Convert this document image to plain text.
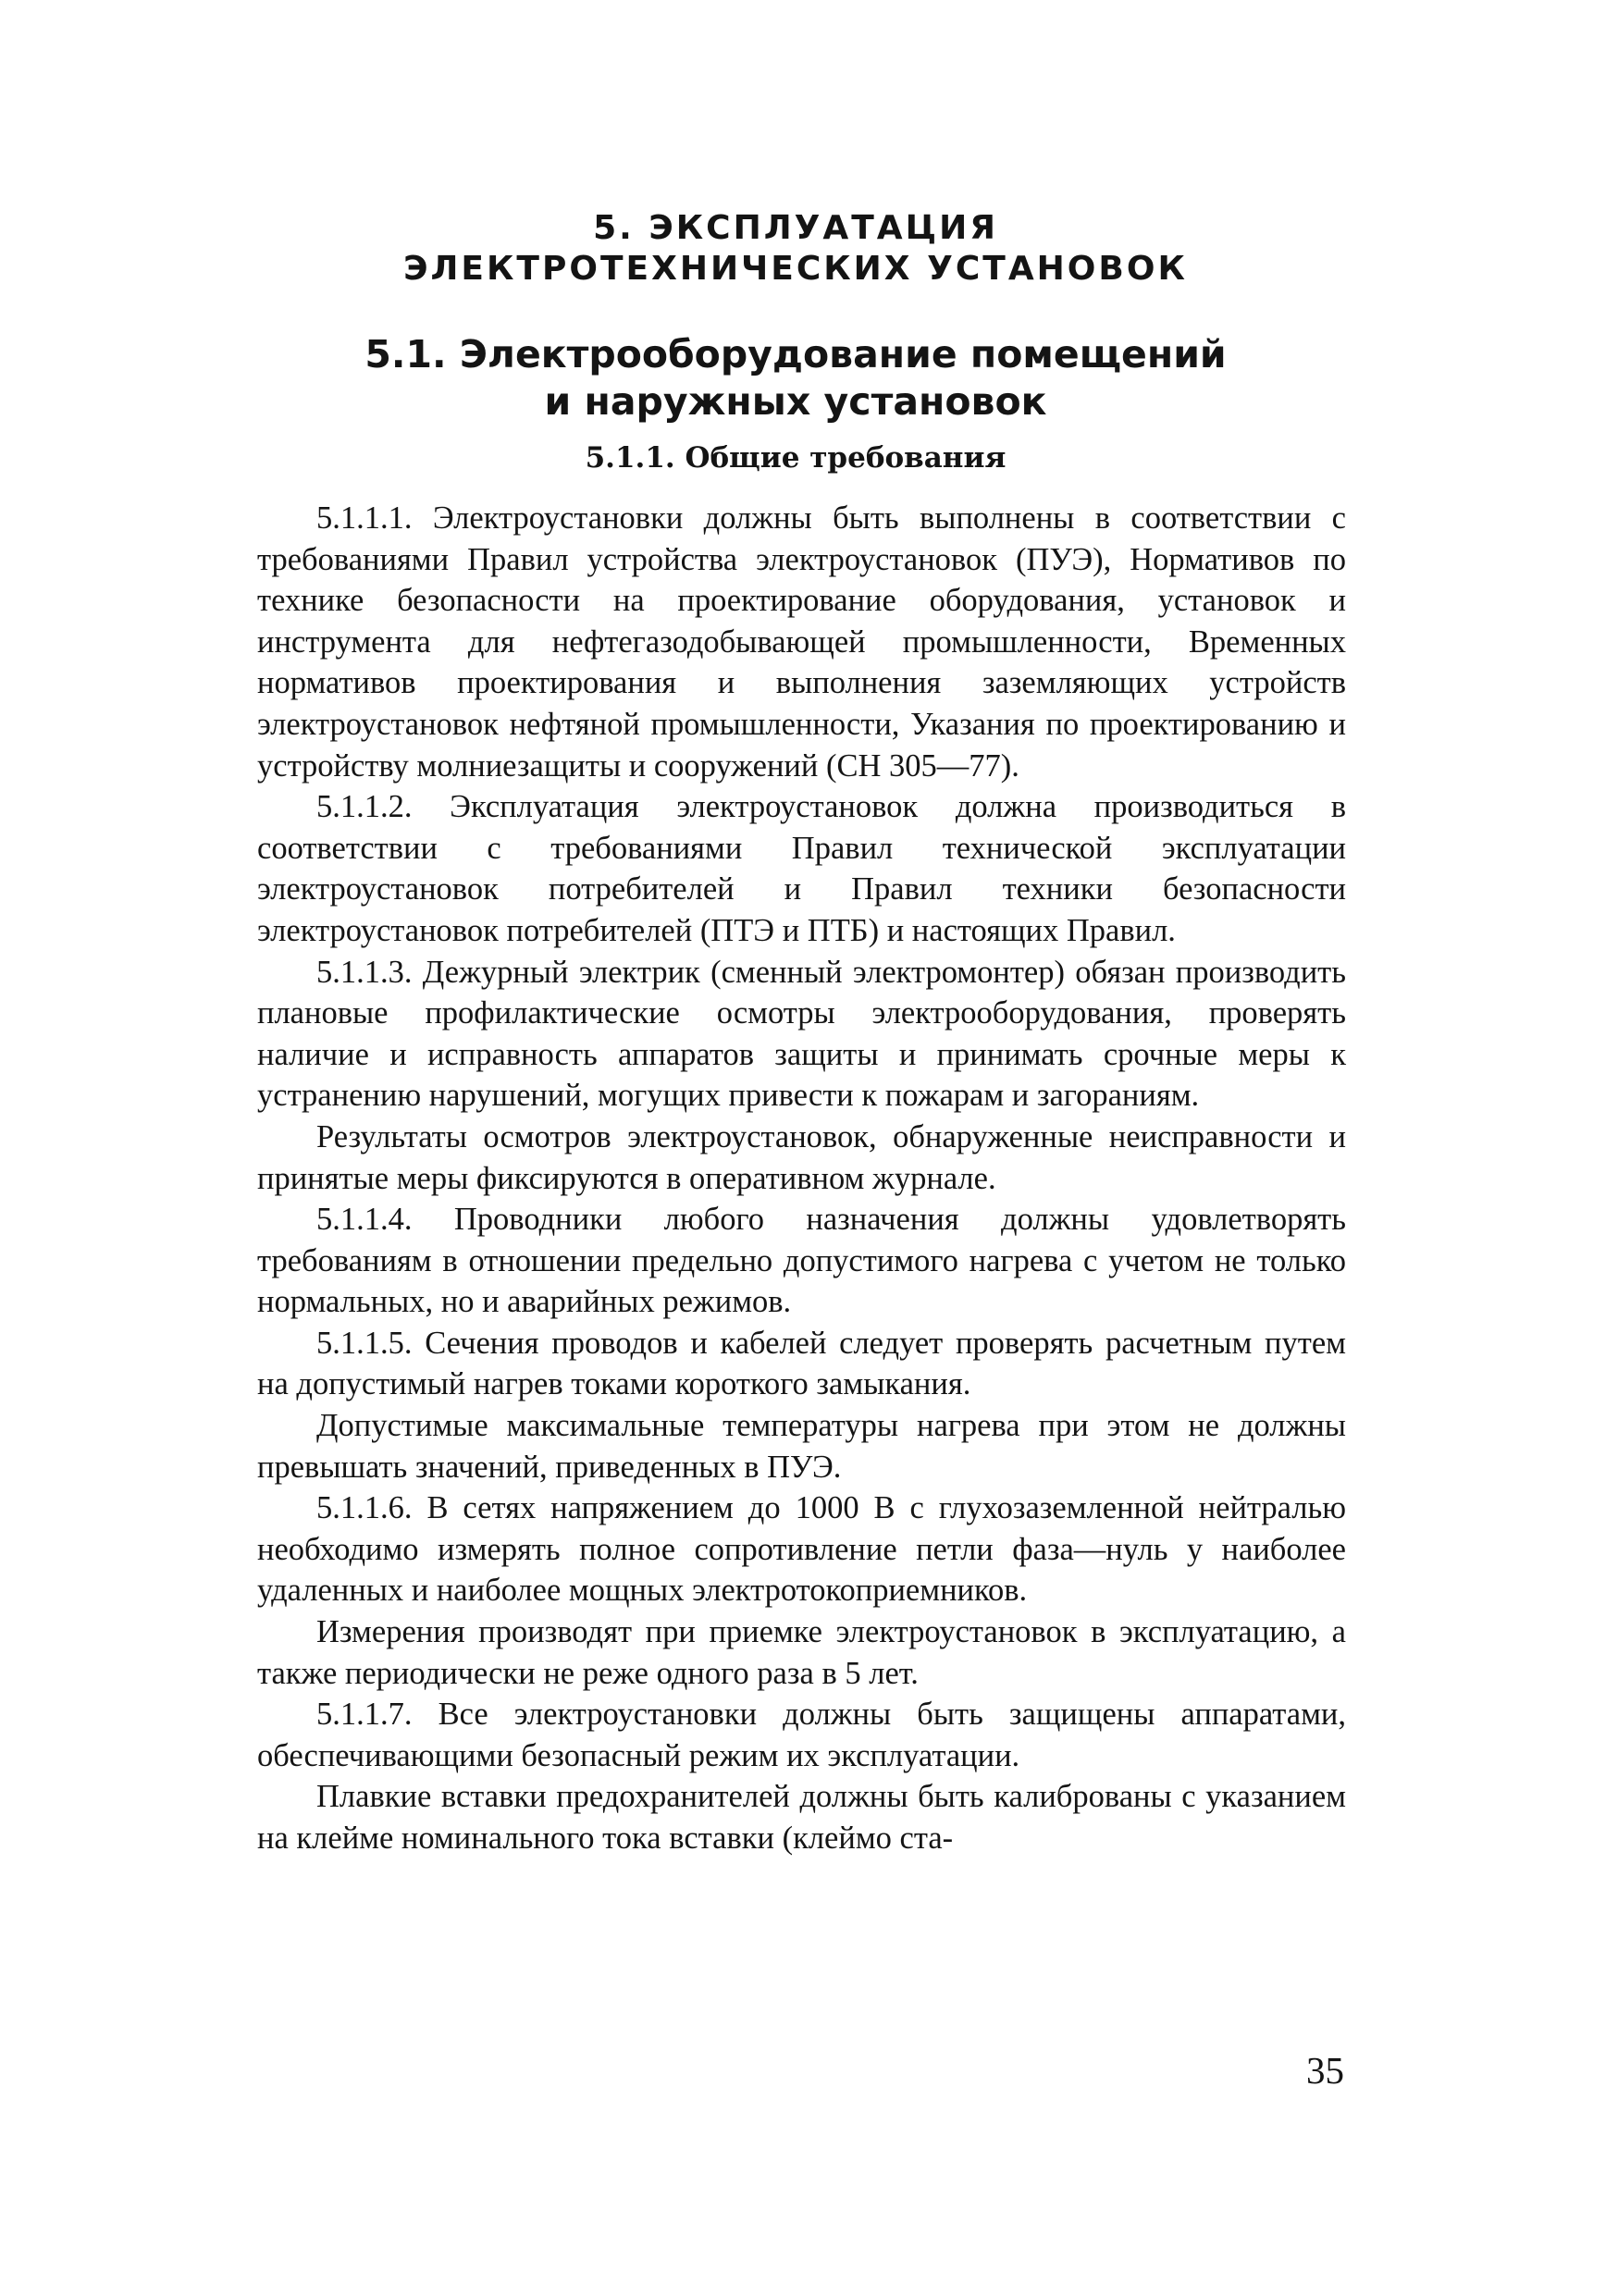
5. ЭКСПЛУАТАЦИЯ
ЭЛЕКТРОТЕХНИЧЕСКИХ УСТАНОВОК
5.1. Электрооборудование помещений
и наружных установок
5.1.1. Общие требования

5.1.1.1. Электроустановки должны быть выполнены в соответствии с требованиями Правил устройства электроустановок (ПУЭ), Нормативов по технике безопасности на проектирование оборудования, установок и инструмента для нефтегазодобывающей промышленности, Временных нормативов проектирования и выполнения заземляющих устройств электроустановок нефтяной промышленности, Указания по проектированию и устройству молниезащиты и сооружений (СН 305—77).

5.1.1.2. Эксплуатация электроустановок должна производиться в соответствии с требованиями Правил технической эксплуатации электроустановок потребителей и Правил техники безопасности электроустановок потребителей (ПТЭ и ПТБ) и настоящих Правил.

5.1.1.3. Дежурный электрик (сменный электромонтер) обязан производить плановые профилактические осмотры электрооборудования, проверять наличие и исправность аппаратов защиты и принимать срочные меры к устранению нарушений, могущих привести к пожарам и загораниям.

Результаты осмотров электроустановок, обнаруженные неисправности и принятые меры фиксируются в оперативном журнале.

5.1.1.4. Проводники любого назначения должны удовлетворять требованиям в отношении предельно допустимого нагрева с учетом не только нормальных, но и аварийных режимов.

5.1.1.5. Сечения проводов и кабелей следует проверять расчетным путем на допустимый нагрев токами короткого замыкания.

Допустимые максимальные температуры нагрева при этом не должны превышать значений, приведенных в ПУЭ.

5.1.1.6. В сетях напряжением до 1000 В с глухозаземленной нейтралью необходимо измерять полное сопротивление петли фаза—нуль у наиболее удаленных и наиболее мощных электротокоприемников.

Измерения производят при приемке электроустановок в эксплуатацию, а также периодически не реже одного раза в 5 лет.

5.1.1.7. Все электроустановки должны быть защищены аппаратами, обеспечивающими безопасный режим их эксплуатации.

Плавкие вставки предохранителей должны быть калиброваны с указанием на клейме номинального тока вставки (клеймо ста-

35
